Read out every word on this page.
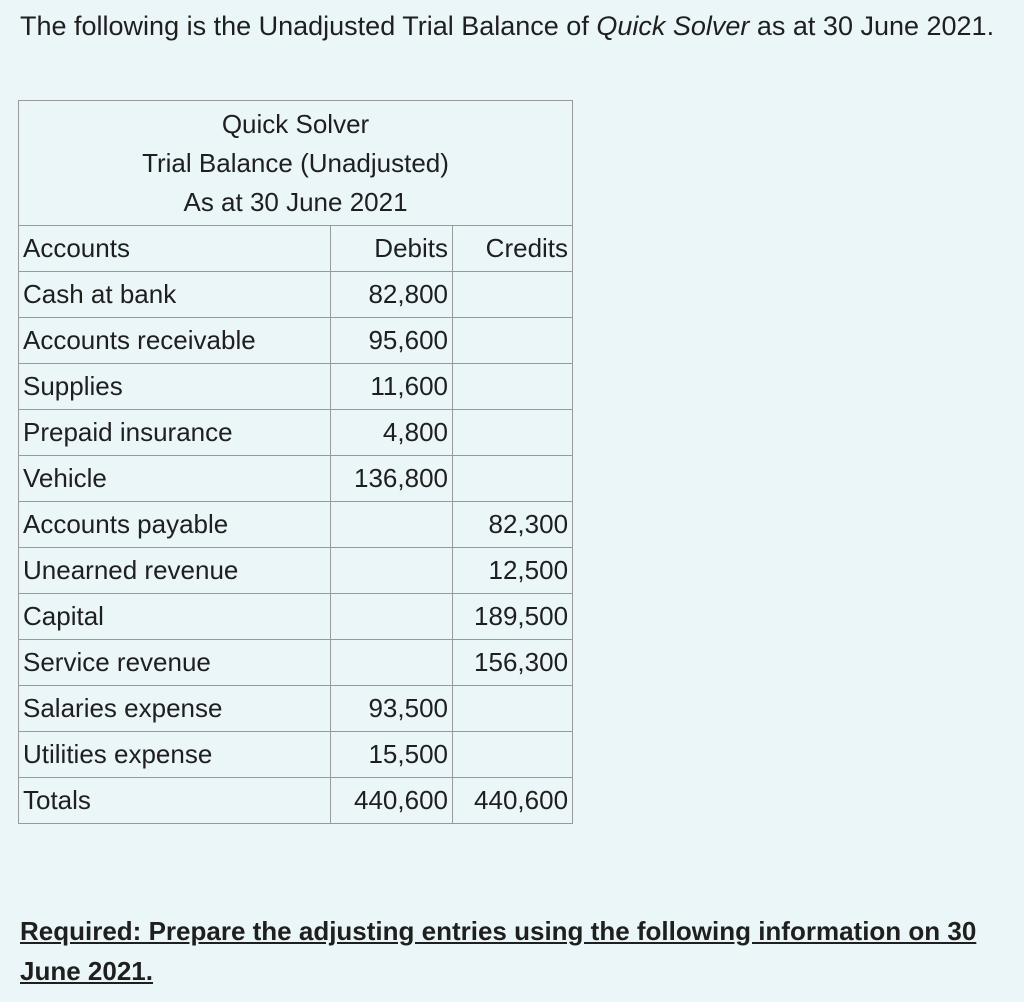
The following is the Unadjusted Trial Balance of Quick Solver as at 30 June 2021.

Quick Solver
Trial Balance (Unadjusted)
As at 30 June 2021		

Accounts	Debits	Credits
Cash at bank	82,800	
Accounts receivable	95,600	
Supplies	11,600	
Prepaid insurance	4,800	
Vehicle	136,800	
Accounts payable		82,300
Unearned revenue		12,500
Capital		189,500
Service revenue		156,300
Salaries expense	93,500	
Utilities expense	15,500	
Totals	440,600	440,600

Required: Prepare the adjusting entries using the following information on 30 June 2021.
